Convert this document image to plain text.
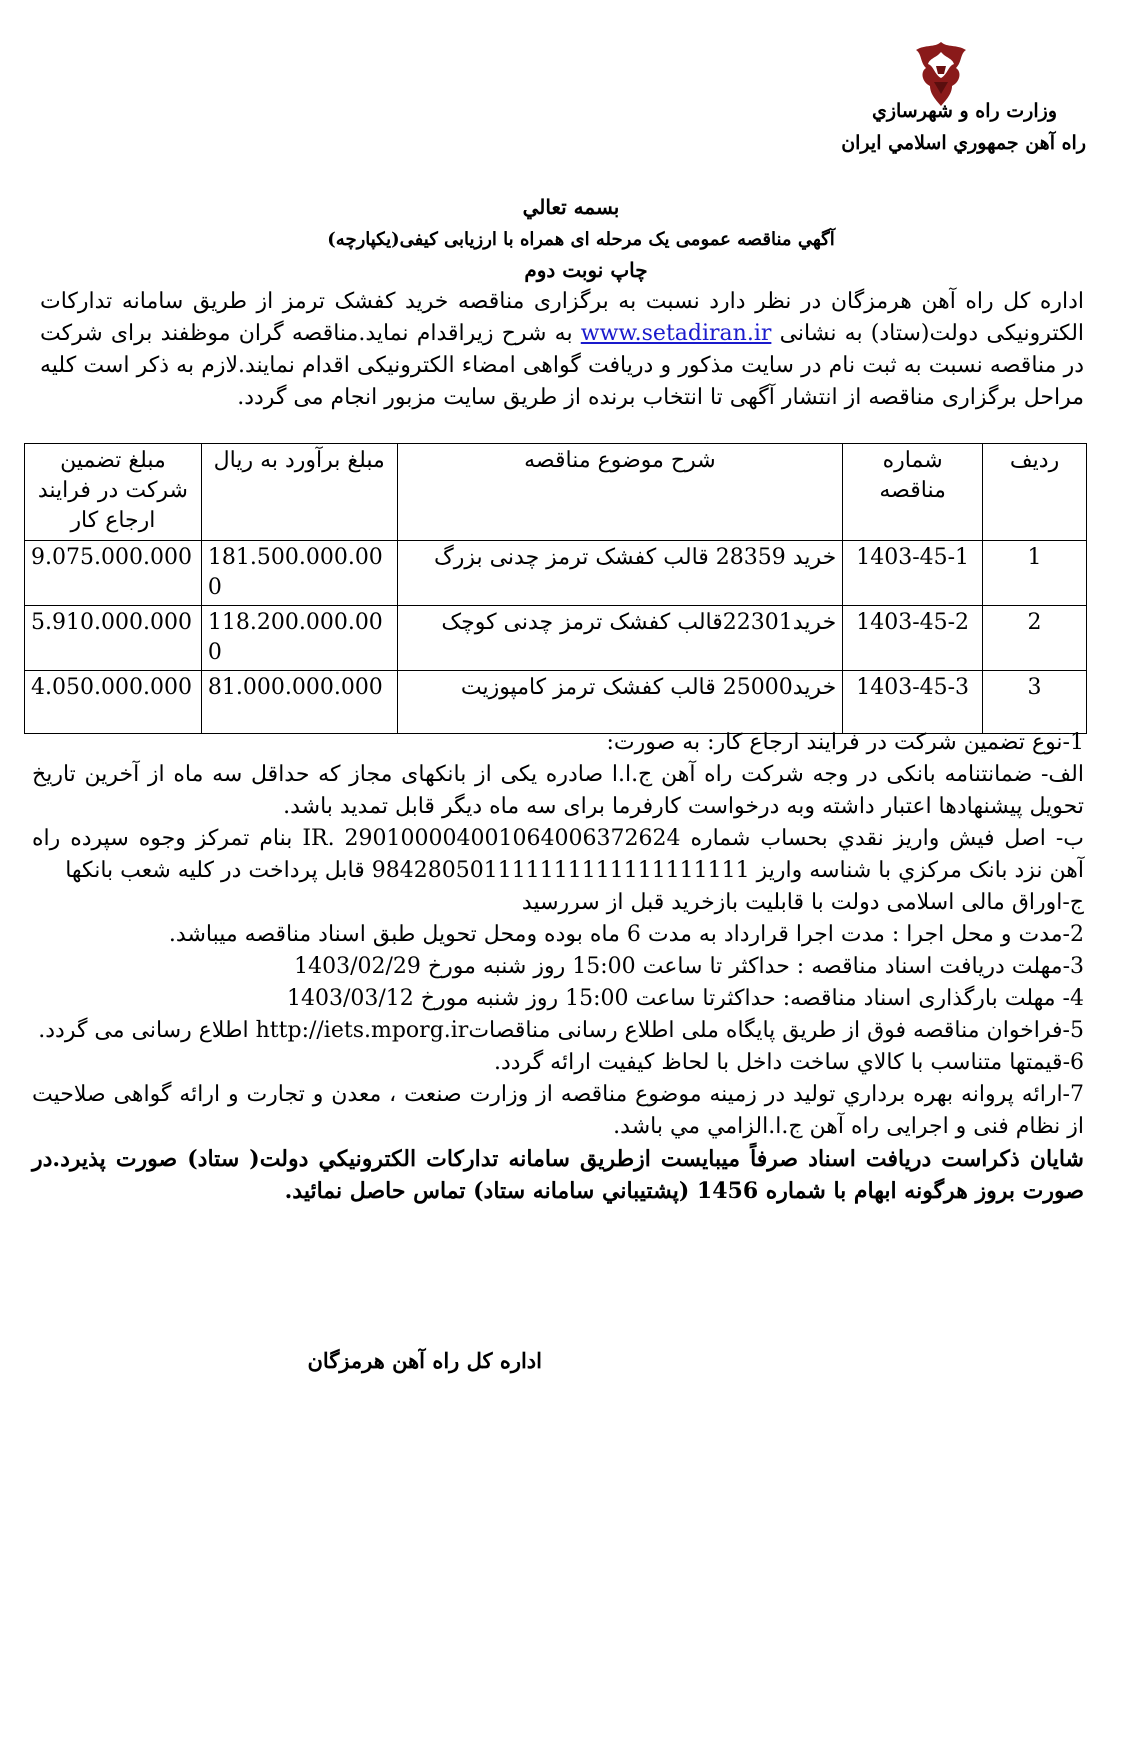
وزارت راه و شهرسازي
راه آهن جمهوري اسلامي ايران
بسمه تعالي
آگهي مناقصه عمومی یک مرحله ای همراه با ارزیابی کیفی(یکپارچه)
چاپ نوبت دوم
اداره کل راه آهن هرمزگان در نظر دارد نسبت به برگزاری مناقصه خرید کفشک ترمز از طریق سامانه تدارکات الکترونیکی دولت(ستاد) به نشانی www.setadiran.ir به شرح زیراقدام نماید.مناقصه گران موظفند برای شرکت در مناقصه نسبت به ثبت نام در سایت مذکور و دریافت گواهی امضاء الکترونیکی اقدام نمایند.لازم به ذکر است کلیه مراحل برگزاری مناقصه از انتشار آگهی تا انتخاب برنده از طریق سایت مزبور انجام می گردد.
ردیف	شماره مناقصه	شرح موضوع مناقصه	مبلغ برآورد به ریال	مبلغ تضمین شرکت در فرایند ارجاع کار
1	1403-45-1	خرید 28359 قالب کفشک ترمز چدنی بزرگ	181.500.000.000	9.075.000.000
2	1403-45-2	خرید22301قالب کفشک ترمز چدنی کوچک	118.200.000.000	5.910.000.000
3	1403-45-3	خرید25000 قالب کفشک ترمز کامپوزیت	81.000.000.000	4.050.000.000

1-نوع تضمین شرکت در فرایند ارجاع کار: به صورت:

الف- ضمانتنامه بانکی در وجه شرکت راه آهن ج.ا.ا صادره یکی از بانکهای مجاز که حداقل سه ماه از آخرین تاریخ تحویل پیشنهادها اعتبار داشته وبه درخواست کارفرما برای سه ماه دیگر قابل تمدید باشد.

ب- اصل فیش واریز نقدي بحساب شماره IR. 290100004001064006372624 بنام تمرکز وجوه سپرده راه آهن نزد بانک مرکزي با شناسه واریز 984280501111111111111111111 قابل پرداخت در کلیه شعب بانکها

ج-اوراق مالی اسلامی دولت با قابلیت بازخرید قبل از سررسید

2-مدت و محل اجرا : مدت اجرا قرارداد به مدت 6 ماه بوده ومحل تحویل طبق اسناد مناقصه میباشد.

3-مهلت دریافت اسناد مناقصه : حداکثر تا ساعت 15:00 روز شنبه مورخ 1403/02/29

4- مهلت بارگذاری اسناد مناقصه: حداکثرتا ساعت 15:00 روز شنبه مورخ 1403/03/12

5-فراخوان مناقصه فوق از طریق پایگاه ملی اطلاع رسانی مناقصاتhttp://iets.mporg.ir اطلاع رسانی می گردد.

6-قیمتها متناسب با کالاي ساخت داخل با لحاظ کیفیت ارائه گردد.

7-ارائه پروانه بهره برداري تولید در زمینه موضوع مناقصه از وزارت صنعت ، معدن و تجارت و ارائه گواهی صلاحیت از نظام فنی و اجرایی راه آهن ج.ا.الزامي مي باشد.

شایان ذکراست دریافت اسناد صرفاً میبایست ازطریق سامانه تدارکات الکترونیکي دولت( ستاد) صورت پذیرد.در صورت بروز هرگونه ابهام با شماره 1456 (پشتیباني سامانه ستاد) تماس حاصل نمائید.

اداره کل راه آهن هرمزگان
